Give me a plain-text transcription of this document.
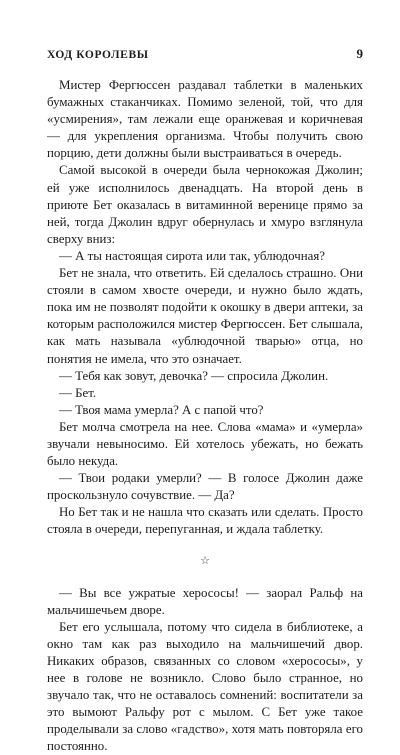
ХОД КОРОЛЕВЫ	9

Мистер Фергюссен раздавал таблетки в маленьких бумажных стаканчиках. Помимо зеленой, той, что для «усмирения», там лежали еще оранжевая и коричневая — для укрепления организма. Чтобы получить свою порцию, дети должны были выстраиваться в очередь.

Самой высокой в очереди была чернокожая Джолин; ей уже исполнилось двенадцать. На второй день в приюте Бет оказалась в витаминной веренице прямо за ней, тогда Джолин вдруг обернулась и хмуро взглянула сверху вниз:

— А ты настоящая сирота или так, ублюдочная?

Бет не знала, что ответить. Ей сделалось страшно. Они стояли в самом хвосте очереди, и нужно было ждать, пока им не позволят подойти к окошку в двери аптеки, за которым расположился мистер Фергюссен. Бет слышала, как мать называла «ублюдочной тварью» отца, но понятия не имела, что это означает.

— Тебя как зовут, девочка? — спросила Джолин.

— Бет.

— Твоя мама умерла? А с папой что?

Бет молча смотрела на нее. Слова «мама» и «умерла» звучали невыносимо. Ей хотелось убежать, но бежать было некуда.

— Твои родаки умерли? — В голосе Джолин даже проскользнуло сочувствие. — Да?

Но Бет так и не нашла что сказать или сделать. Просто стояла в очереди, перепуганная, и ждала таблетку.

☆

— Вы все ужратые херососы! — заорал Ральф на мальчишечьем дворе.

Бет его услышала, потому что сидела в библиотеке, а окно там как раз выходило на мальчишечий двор. Никаких образов, связанных со словом «херососы», у нее в голове не возникло. Слово было странное, но звучало так, что не оставалось сомнений: воспитатели за это вымоют Ральфу рот с мылом. С Бет уже такое проделывали за слово «гадство», хотя мать повторяла его постоянно.
